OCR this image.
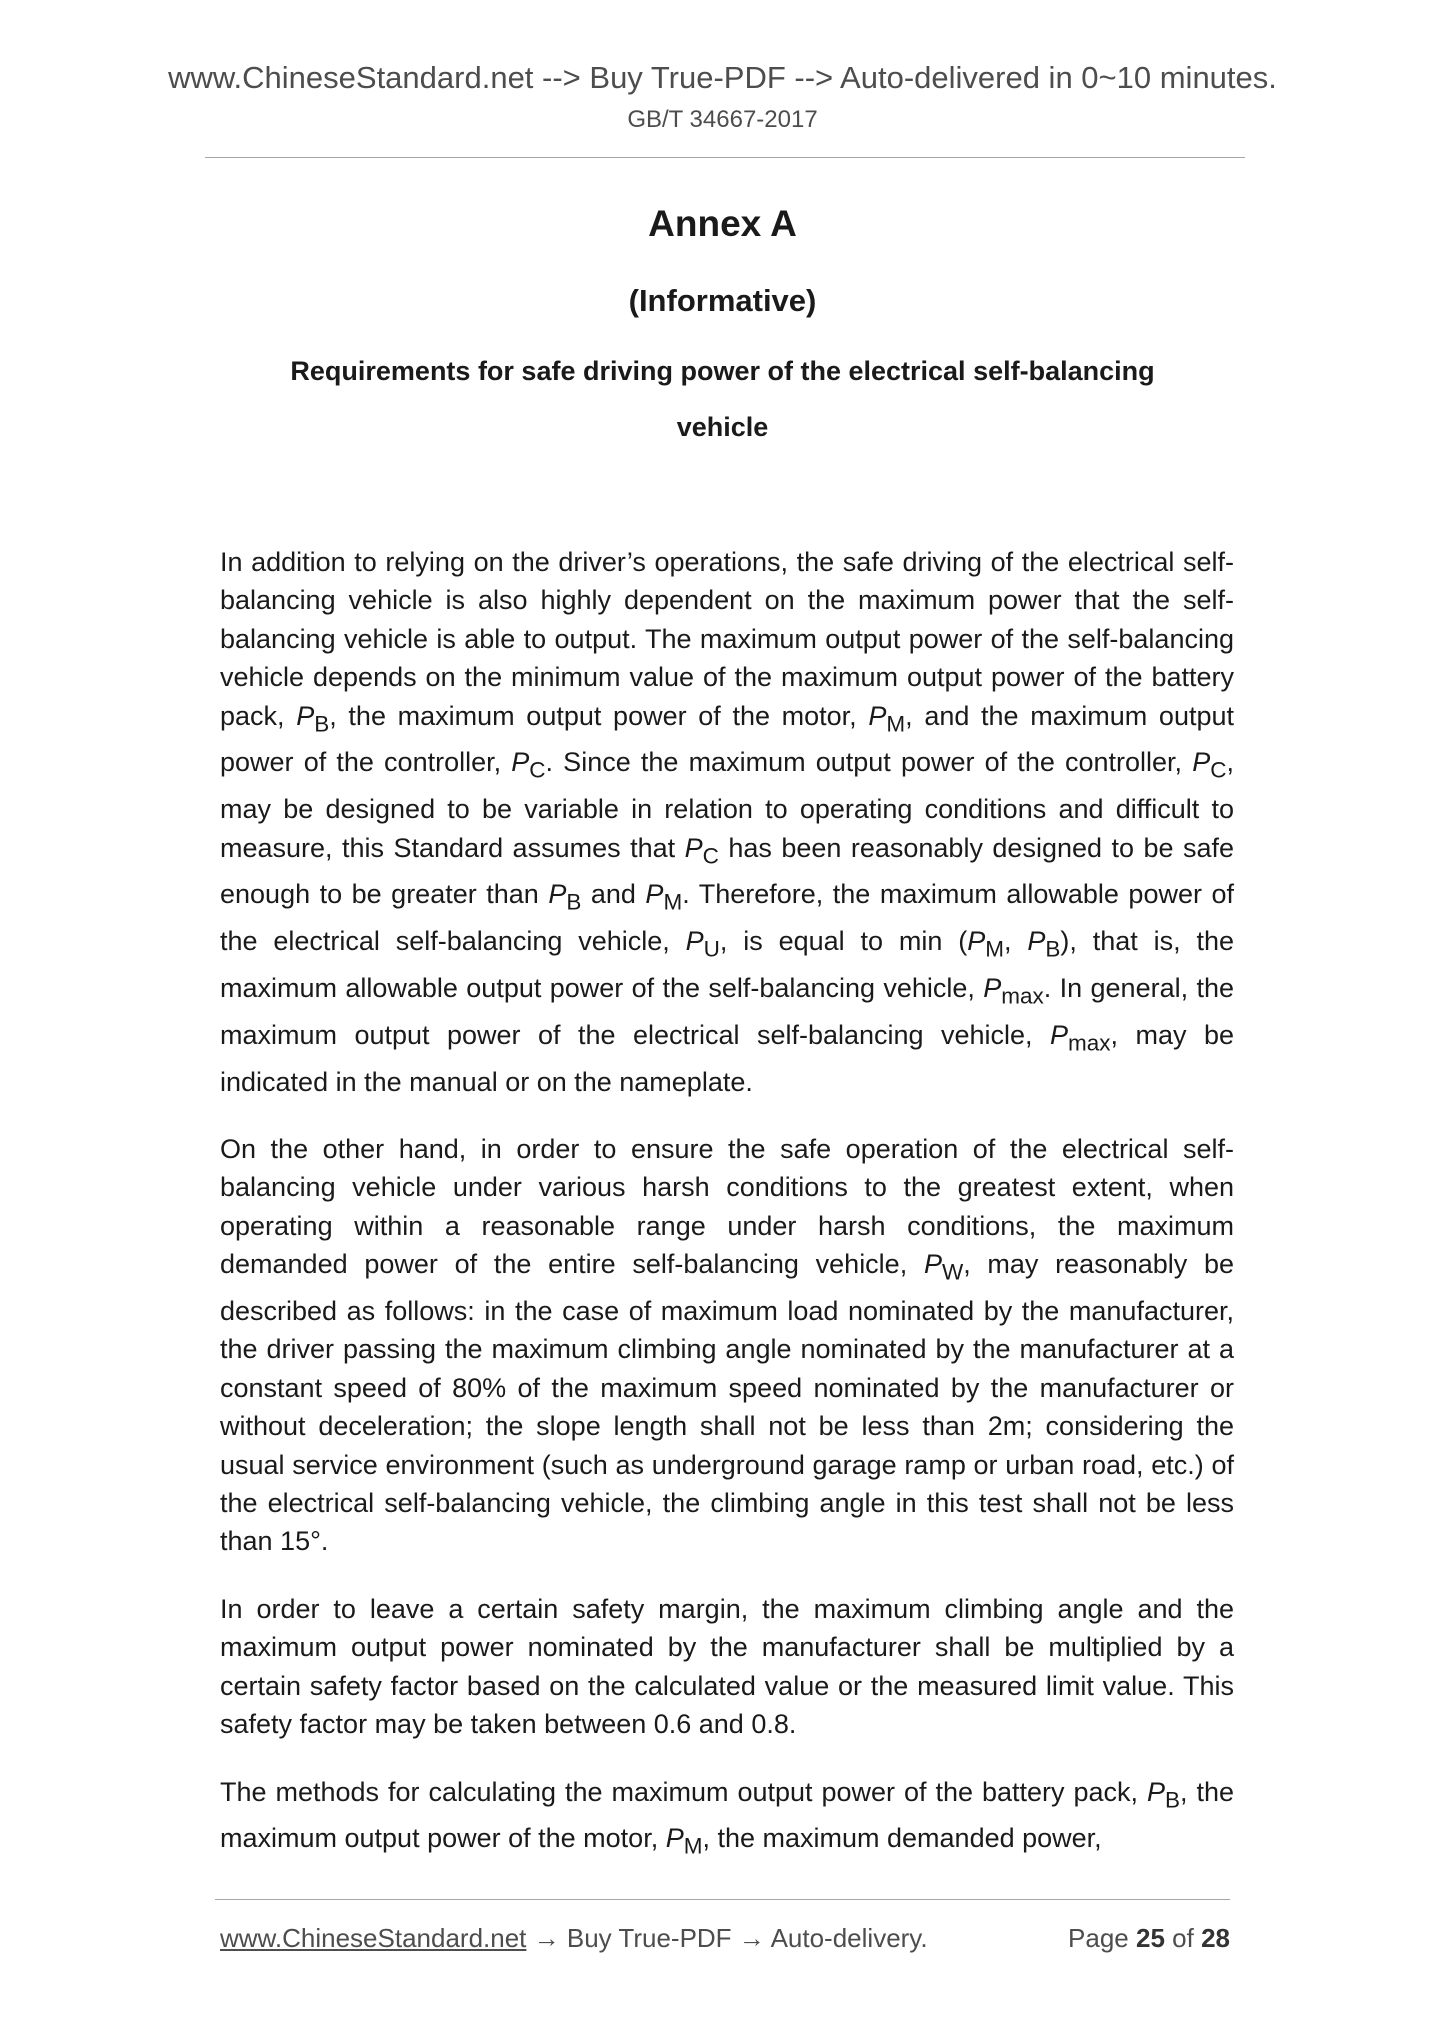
www.ChineseStandard.net --> Buy True-PDF --> Auto-delivered in 0~10 minutes.
GB/T 34667-2017
Annex A
(Informative)
Requirements for safe driving power of the electrical self-balancing vehicle

In addition to relying on the driver’s operations, the safe driving of the electrical self-balancing vehicle is also highly dependent on the maximum power that the self-balancing vehicle is able to output. The maximum output power of the self-balancing vehicle depends on the minimum value of the maximum output power of the battery pack, $P_B$, the maximum output power of the motor, $P_M$, and the maximum output power of the controller, $P_C$. Since the maximum output power of the controller, $P_C$, may be designed to be variable in relation to operating conditions and difficult to measure, this Standard assumes that $P_C$ has been reasonably designed to be safe enough to be greater than $P_B$ and $P_M$. Therefore, the maximum allowable power of the electrical self-balancing vehicle, $P_U$, is equal to $\min (P_M$, $P_B$), that is, the maximum allowable output power of the self-balancing vehicle, $P_{max}$. In general, the maximum output power of the electrical self-balancing vehicle, $P_{max}$, may be indicated in the manual or on the nameplate.

On the other hand, in order to ensure the safe operation of the electrical self-balancing vehicle under various harsh conditions to the greatest extent, when operating within a reasonable range under harsh conditions, the maximum demanded power of the entire self-balancing vehicle, $P_W$, may reasonably be described as follows: in the case of maximum load nominated by the manufacturer, the driver passing the maximum climbing angle nominated by the manufacturer at a constant speed of 80% of the maximum speed nominated by the manufacturer or without deceleration; the slope length shall not be less than 2m; considering the usual service environment (such as underground garage ramp or urban road, etc.) of the electrical self-balancing vehicle, the climbing angle in this test shall not be less than 15°.

In order to leave a certain safety margin, the maximum climbing angle and the maximum output power nominated by the manufacturer shall be multiplied by a certain safety factor based on the calculated value or the measured limit value. This safety factor may be taken between 0.6 and 0.8.

The methods for calculating the maximum output power of the battery pack, $P_B$, the maximum output power of the motor, $P_M$, the maximum demanded power,

www.ChineseStandard.net → Buy True-PDF → Auto-delivery.	Page 25 of 28
